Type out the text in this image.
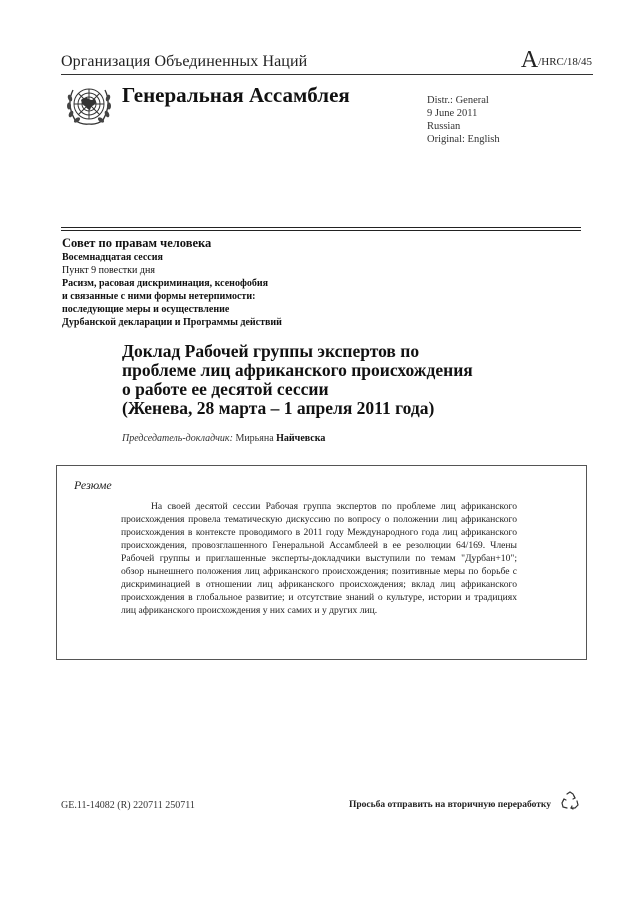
Организация Объединенных Наций	A/HRC/18/45
Генеральная Ассамблея	Distr.: General
9 June 2011
Russian
Original: English
Совет по правам человека
Восемнадцатая сессия
Пункт 9 повестки дня
Расизм, расовая дискриминация, ксенофобия
и связанные с ними формы нетерпимости:
последующие меры и осуществление
Дурбанской декларации и Программы действий
Доклад Рабочей группы экспертов по
проблеме лиц африканского происхождения
о работе ее десятой сессии
(Женева, 28 марта – 1 апреля 2011 года)
Председатель-докладчик: Мирьяна Найчевска
Резюме
На своей десятой сессии Рабочая группа экспертов по проблеме лиц африканского происхождения провела тематическую дискуссию по вопросу о положении лиц африканского происхождения в контексте проводимого в 2011 году Международного года лиц африканского происхождения, провозглашенного Генеральной Ассамблеей в ее резолюции 64/169. Члены Рабочей группы и приглашенные эксперты-докладчики выступили по темам "Дурбан+10"; обзор нынешнего положения лиц африканского происхождения; позитивные меры по борьбе с дискриминацией в отношении лиц африканского происхождения; вклад лиц африканского происхождения в глобальное развитие; и отсутствие знаний о культуре, истории и традициях лиц африканского происхождения у них самих и у других лиц.
GE.11-14082 (R) 220711 250711	Просьба отправить на вторичную переработку
